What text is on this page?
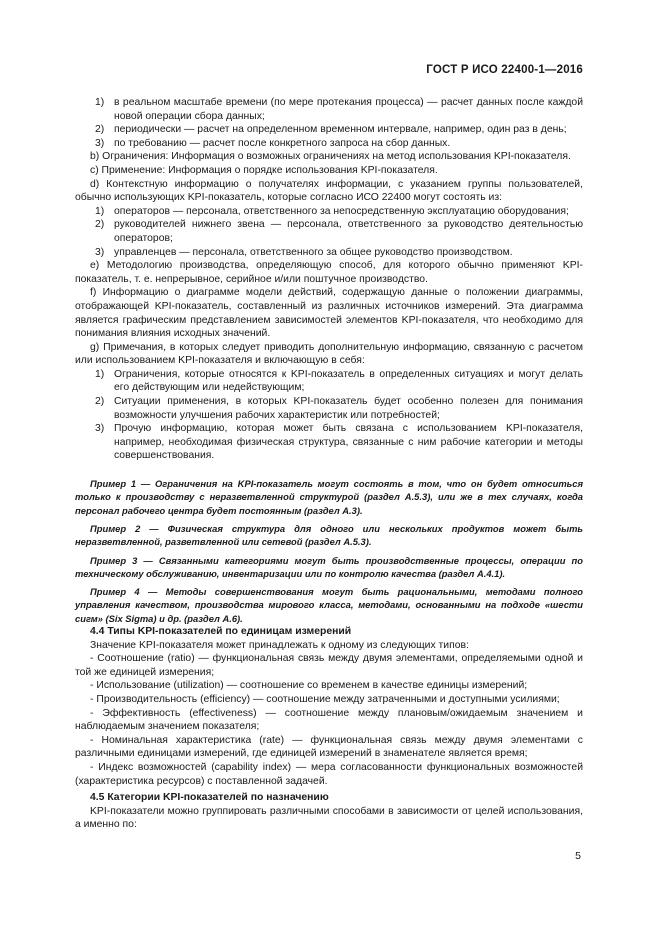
ГОСТ Р ИСО 22400-1—2016
1) в реальном масштабе времени (по мере протекания процесса) — расчет данных после каждой новой операции сбора данных;
2) периодически — расчет на определенном временном интервале, например, один раз в день;
3) по требованию — расчет после конкретного запроса на сбор данных.

b) Ограничения: Информация о возможных ограничениях на метод использования KPI-показателя.

c) Применение: Информация о порядке использования KPI-показателя.

d) Контекстную информацию о получателях информации, с указанием группы пользователей, обычно использующих KPI-показатель, которые согласно ИСО 22400 могут состоять из:

1) операторов — персонала, ответственного за непосредственную эксплуатацию оборудования;
2) руководителей нижнего звена — персонала, ответственного за руководство деятельностью операторов;
3) управленцев — персонала, ответственного за общее руководство производством.

e) Методологию производства, определяющую способ, для которого обычно применяют KPI-показатель, т. е. непрерывное, серийное и/или поштучное производство.

f) Информацию о диаграмме модели действий, содержащую данные о положении диаграммы, отображающей KPI-показатель, составленный из различных источников измерений. Эта диаграмма является графическим представлением зависимостей элементов KPI-показателя, что необходимо для понимания влияния исходных значений.

g) Примечания, в которых следует приводить дополнительную информацию, связанную с расчетом или использованием KPI-показателя и включающую в себя:

1) Ограничения, которые относятся к KPI-показатель в определенных ситуациях и могут делать его действующим или недействующим;
2) Ситуации применения, в которых KPI-показатель будет особенно полезен для понимания возможности улучшения рабочих характеристик или потребностей;
3) Прочую информацию, которая может быть связана с использованием KPI-показателя, например, необходимая физическая структура, связанные с ним рабочие категории и методы совершенствования.

Пример 1 — Ограничения на KPI-показатель могут состоять в том, что он будет относиться только к производству с неразветвленной структурой (раздел А.5.3), или же в тех случаях, когда персонал рабочего центра будет постоянным (раздел А.3).

Пример 2 — Физическая структура для одного или нескольких продуктов может быть неразветвленной, разветвленной или сетевой (раздел А.5.3).

Пример 3 — Связанными категориями могут быть производственные процессы, операции по техническому обслуживанию, инвентаризации или по контролю качества (раздел А.4.1).

Пример 4 — Методы совершенствования могут быть рациональными, методами полного управления качеством, производства мирового класса, методами, основанными на подходе «шести сигм» (Six Sigma) и др. (раздел А.6).

4.4 Типы KPI-показателей по единицам измерений

Значение KPI-показателя может принадлежать к одному из следующих типов:

- Соотношение (ratio) — функциональная связь между двумя элементами, определяемыми одной и той же единицей измерения;

- Использование (utilization) — соотношение со временем в качестве единицы измерений;

- Производительность (efficiency) — соотношение между затраченными и доступными усилиями;

- Эффективность (effectiveness) — соотношение между плановым/ожидаемым значением и наблюдаемым значением показателя;

- Номинальная характеристика (rate) — функциональная связь между двумя элементами с различными единицами измерений, где единицей измерений в знаменателе является время;

- Индекс возможностей (capability index) — мера согласованности функциональных возможностей (характеристика ресурсов) с поставленной задачей.

4.5 Категории KPI-показателей по назначению

KPI-показатели можно группировать различными способами в зависимости от целей использования, а именно по:

5
